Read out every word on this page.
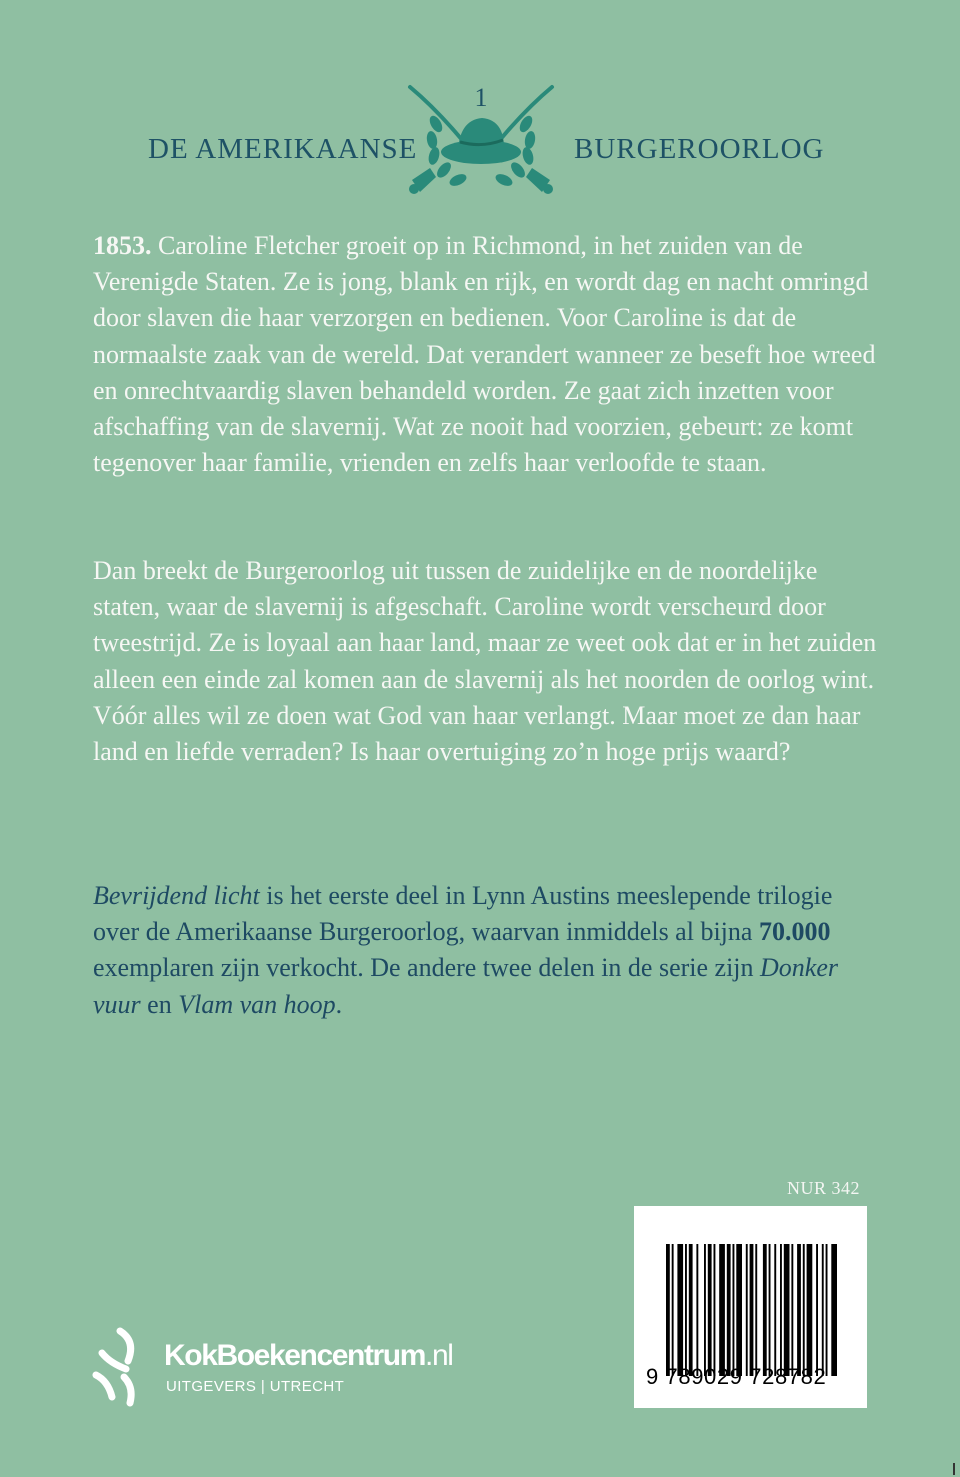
DE AMERIKAANSE
1
BURGEROORLOG

1853. Caroline Fletcher groeit op in Richmond, in het zuiden van de Verenigde Staten. Ze is jong, blank en rijk, en wordt dag en nacht omringd door slaven die haar verzorgen en bedienen. Voor Caroline is dat de normaalste zaak van de wereld. Dat verandert wanneer ze beseft hoe wreed en onrechtvaardig slaven behandeld worden. Ze gaat zich inzetten voor afschaffing van de slavernij. Wat ze nooit had voorzien, gebeurt: ze komt tegenover haar familie, vrienden en zelfs haar verloofde te staan.

Dan breekt de Burgeroorlog uit tussen de zuidelijke en de noordelijke staten, waar de slavernij is afgeschaft. Caroline wordt verscheurd door tweestrijd. Ze is loyaal aan haar land, maar ze weet ook dat er in het zuiden alleen een einde zal komen aan de slavernij als het noorden de oorlog wint. Vóór alles wil ze doen wat God van haar verlangt. Maar moet ze dan haar land en liefde verraden? Is haar overtuiging zo’n hoge prijs waard?

Bevrijdend licht is het eerste deel in Lynn Austins meeslepende trilogie over de Amerikaanse Burgeroorlog, waarvan inmiddels al bijna 70.000 exemplaren zijn verkocht. De andere twee delen in de serie zijn Donker vuur en Vlam van hoop.

NUR 342
9 789029 728782
KokBoekencentrum.nl
UITGEVERS | UTRECHT
